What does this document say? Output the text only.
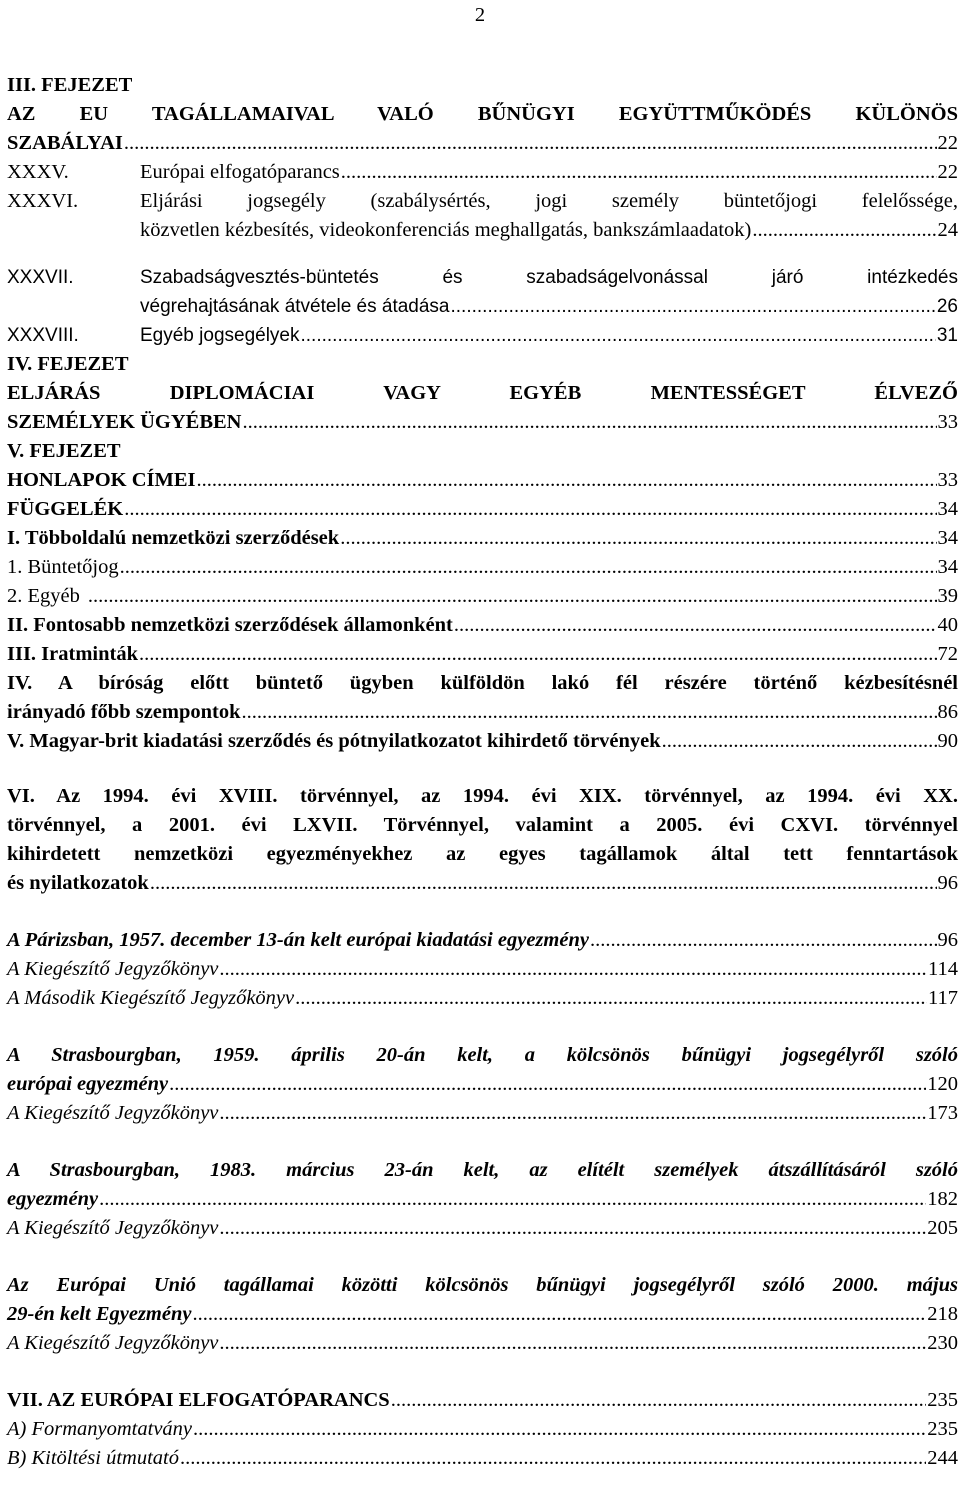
2
III. FEJEZET
AZ EU TAGÁLLAMAIVAL VALÓ BŰNÜGYI EGYÜTTMŰKÖDÉS KÜLÖNÖS
SZABÁLYAI .....	22
XXXV.	Európai elfogatóparancs .....	22
XXXVI.	Eljárási jogsegély (szabálysértés, jogi személy büntetőjogi felelőssége,
közvetlen kézbesítés, videokonferenciás meghallgatás, bankszámlaadatok) .....	24
XXXVII.	Szabadságvesztés-büntetés és szabadságelvonással járó intézkedés
végrehajtásának átvétele és átadása .....	26
XXXVIII.	Egyéb jogsegélyek .....	31
IV. FEJEZET
ELJÁRÁS DIPLOMÁCIAI VAGY EGYÉB MENTESSÉGET ÉLVEZŐ
SZEMÉLYEK ÜGYÉBEN .....	33
V. FEJEZET
HONLAPOK CÍMEI .....	33
FÜGGELÉK .....	34
I. Többoldalú nemzetközi szerződések .....	34
1. Büntetőjog .....	34
2. Egyéb .....	39
II. Fontosabb nemzetközi szerződések államonként .....	40
III. Iratminták .....	72
IV. A bíróság előtt büntető ügyben külföldön lakó fél részére történő kézbesítésnél
irányadó főbb szempontok .....	86
V. Magyar-brit kiadatási szerződés és pótnyilatkozatot kihirdető törvények .....	90
VI. Az 1994. évi XVIII. törvénnyel, az 1994. évi XIX. törvénnyel, az 1994. évi XX.
törvénnyel, a 2001. évi LXVII. Törvénnyel, valamint a 2005. évi CXVI. törvénnyel
kihirdetett nemzetközi egyezményekhez az egyes tagállamok által tett fenntartások
és nyilatkozatok .....	96
A Párizsban, 1957. december 13-án kelt európai kiadatási egyezmény .....	96
A Kiegészítő Jegyzőkönyv .....	114
A Második Kiegészítő Jegyzőkönyv .....	117
A Strasbourgban, 1959. április 20-án kelt, a kölcsönös bűnügyi jogsegélyről szóló
európai egyezmény .....	120
A Kiegészítő Jegyzőkönyv .....	173
A Strasbourgban, 1983. március 23-án kelt, az elítélt személyek átszállításáról szóló
egyezmény .....	182
A Kiegészítő Jegyzőkönyv .....	205
Az Európai Unió tagállamai közötti kölcsönös bűnügyi jogsegélyről szóló 2000. május
29-én kelt Egyezmény .....	218
A Kiegészítő Jegyzőkönyv .....	230
VII. AZ EURÓPAI ELFOGATÓPARANCS .....	235
A) Formanyomtatvány .....	235
B) Kitöltési útmutató .....	244
